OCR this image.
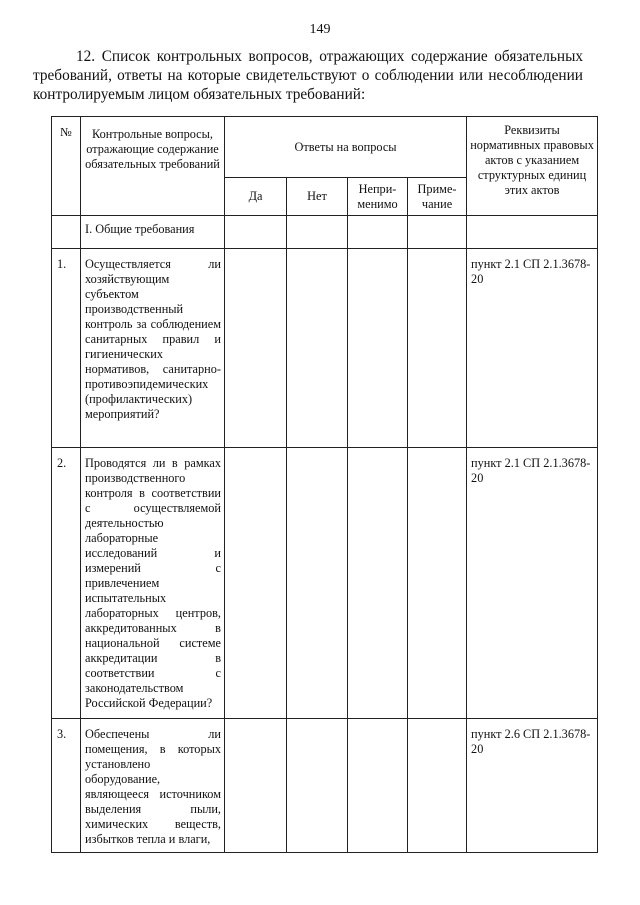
149
12. Список контрольных вопросов, отражающих содержание обязательных требований, ответы на которые свидетельствуют о соблюдении или несоблюдении контролируемым лицом обязательных требований:
№	Контрольные вопросы, отражающие содержание обязательных требований	Ответы на вопросы				Реквизиты нормативных правовых актов с указанием структурных единиц этих актов
		Да	Нет	Непри-менимо	Приме-чание	
	I. Общие требования					
1.	Осуществляется ли хозяйствующим субъектом производственный контроль за соблюдением санитарных правил и гигиенических нормативов, санитарно-противоэпидемических (профилактических) мероприятий?					пункт 2.1 СП 2.1.3678-20
2.	Проводятся ли в рамках производственного контроля в соответствии с осуществляемой деятельностью лабораторные исследований и измерений с привлечением испытательных лабораторных центров, аккредитованных в национальной системе аккредитации в соответствии с законодательством Российской Федерации?					пункт 2.1 СП 2.1.3678-20
3.	Обеспечены ли помещения, в которых установлено оборудование, являющееся источником выделения пыли, химических веществ, избытков тепла и влаги,					пункт 2.6 СП 2.1.3678-20
